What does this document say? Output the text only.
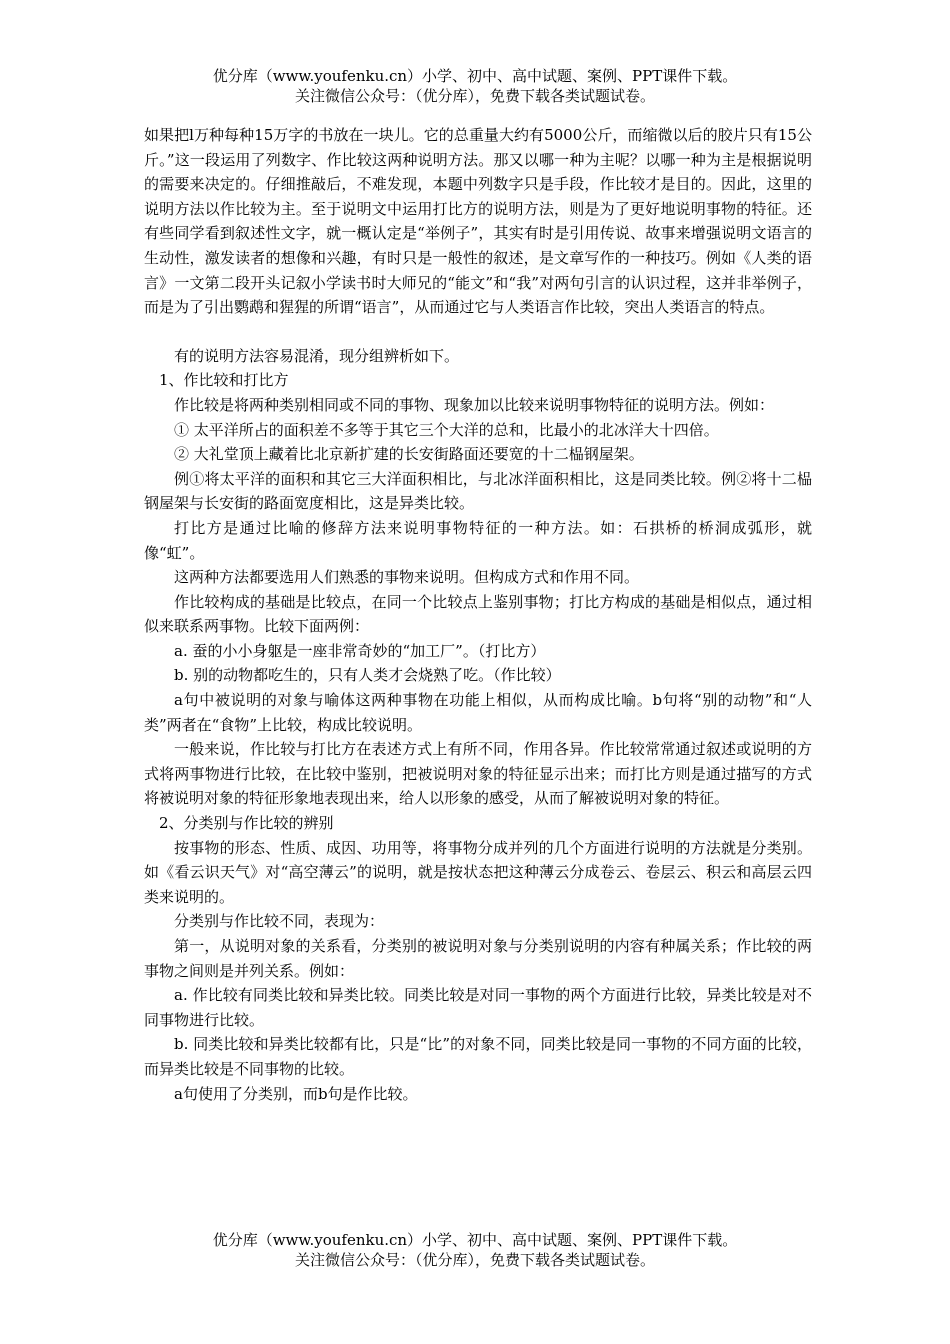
优分库（www.youfenku.cn）小学、初中、高中试题、案例、PPT课件下载。
关注微信公众号：（优分库），免费下载各类试题试卷。

如果把l万种每种15万字的书放在一块儿。它的总重量大约有5000公斤，而缩微以后的胶片只有15公斤。”这一段运用了列数字、作比较这两种说明方法。那又以哪一种为主呢？以哪一种为主是根据说明的需要来决定的。仔细推敲后，不难发现，本题中列数字只是手段，作比较才是目的。因此，这里的说明方法以作比较为主。至于说明文中运用打比方的说明方法，则是为了更好地说明事物的特征。还有些同学看到叙述性文字，就一概认定是“举例子”，其实有时是引用传说、故事来增强说明文语言的生动性，激发读者的想像和兴趣，有时只是一般性的叙述，是文章写作的一种技巧。例如《人类的语言》一文第二段开头记叙小学读书时大师兄的“能文”和“我”对两句引言的认识过程，这并非举例子，而是为了引出鹦鹉和猩猩的所谓“语言”，从而通过它与人类语言作比较，突出人类语言的特点。

有的说明方法容易混淆，现分组辨析如下。

1、作比较和打比方

作比较是将两种类别相同或不同的事物、现象加以比较来说明事物特征的说明方法。例如：

① 太平洋所占的面积差不多等于其它三个大洋的总和，比最小的北冰洋大十四倍。

② 大礼堂顶上藏着比北京新扩建的长安街路面还要宽的十二榀钢屋架。

例①将太平洋的面积和其它三大洋面积相比，与北冰洋面积相比，这是同类比较。例②将十二榀钢屋架与长安街的路面宽度相比，这是异类比较。

打比方是通过比喻的修辞方法来说明事物特征的一种方法。如：石拱桥的桥洞成弧形，就像“虹”。

这两种方法都要选用人们熟悉的事物来说明。但构成方式和作用不同。

作比较构成的基础是比较点，在同一个比较点上鉴别事物；打比方构成的基础是相似点，通过相似来联系两事物。比较下面两例：

a. 蚕的小小身躯是一座非常奇妙的“加工厂”。（打比方）

b. 别的动物都吃生的，只有人类才会烧熟了吃。（作比较）

a句中被说明的对象与喻体这两种事物在功能上相似，从而构成比喻。b句将“别的动物”和“人类”两者在“食物”上比较，构成比较说明。

一般来说，作比较与打比方在表述方式上有所不同，作用各异。作比较常常通过叙述或说明的方式将两事物进行比较，在比较中鉴别，把被说明对象的特征显示出来；而打比方则是通过描写的方式将被说明对象的特征形象地表现出来，给人以形象的感受，从而了解被说明对象的特征。

2、分类别与作比较的辨别

按事物的形态、性质、成因、功用等，将事物分成并列的几个方面进行说明的方法就是分类别。如《看云识天气》对“高空薄云”的说明，就是按状态把这种薄云分成卷云、卷层云、积云和高层云四类来说明的。

分类别与作比较不同，表现为：

第一，从说明对象的关系看，分类别的被说明对象与分类别说明的内容有种属关系；作比较的两事物之间则是并列关系。例如：

a. 作比较有同类比较和异类比较。同类比较是对同一事物的两个方面进行比较，异类比较是对不同事物进行比较。

b. 同类比较和异类比较都有比，只是“比”的对象不同，同类比较是同一事物的不同方面的比较，而异类比较是不同事物的比较。

a句使用了分类别，而b句是作比较。

优分库（www.youfenku.cn）小学、初中、高中试题、案例、PPT课件下载。
关注微信公众号：（优分库），免费下载各类试题试卷。
